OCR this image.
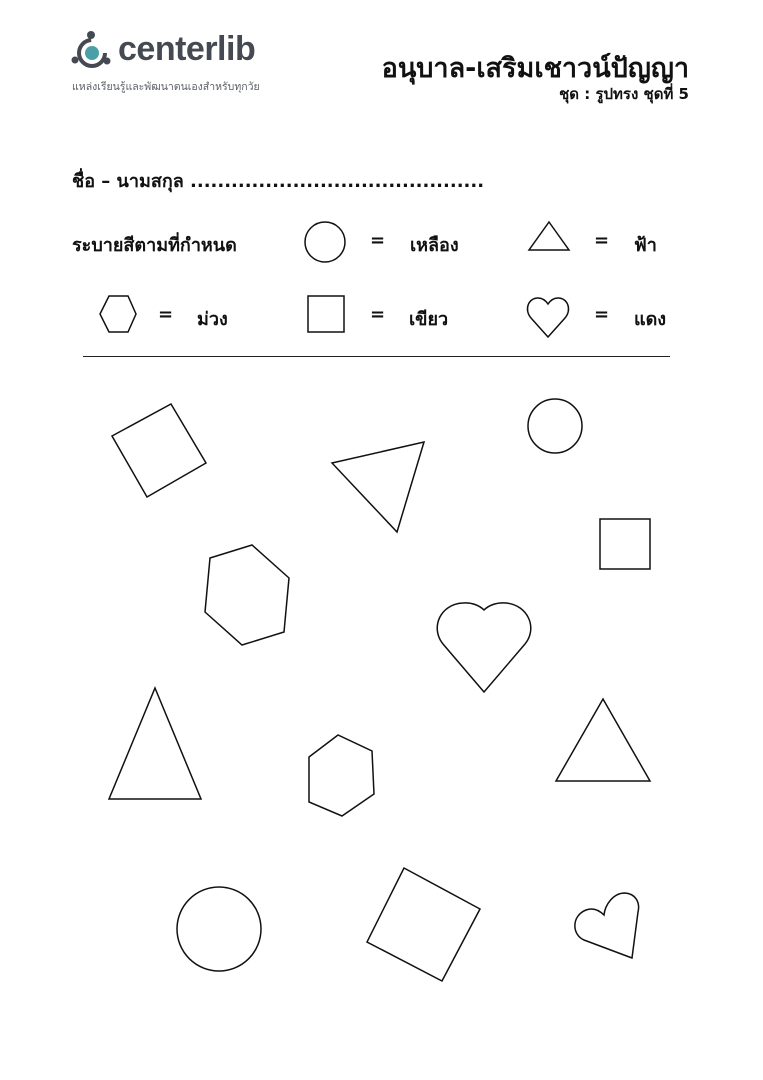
centerlib
แหล่งเรียนรู้และพัฒนาตนเองสำหรับทุกวัย
อนุบาล-เสริมเชาวน์ปัญญา
ชุด : รูปทรง ชุดที่ 5
ชื่อ – นามสกุล ...........................................
ระบายสีตามที่กำหนด	= เหลือง	= ฟ้า
= ม่วง	= เขียว	= แดง
